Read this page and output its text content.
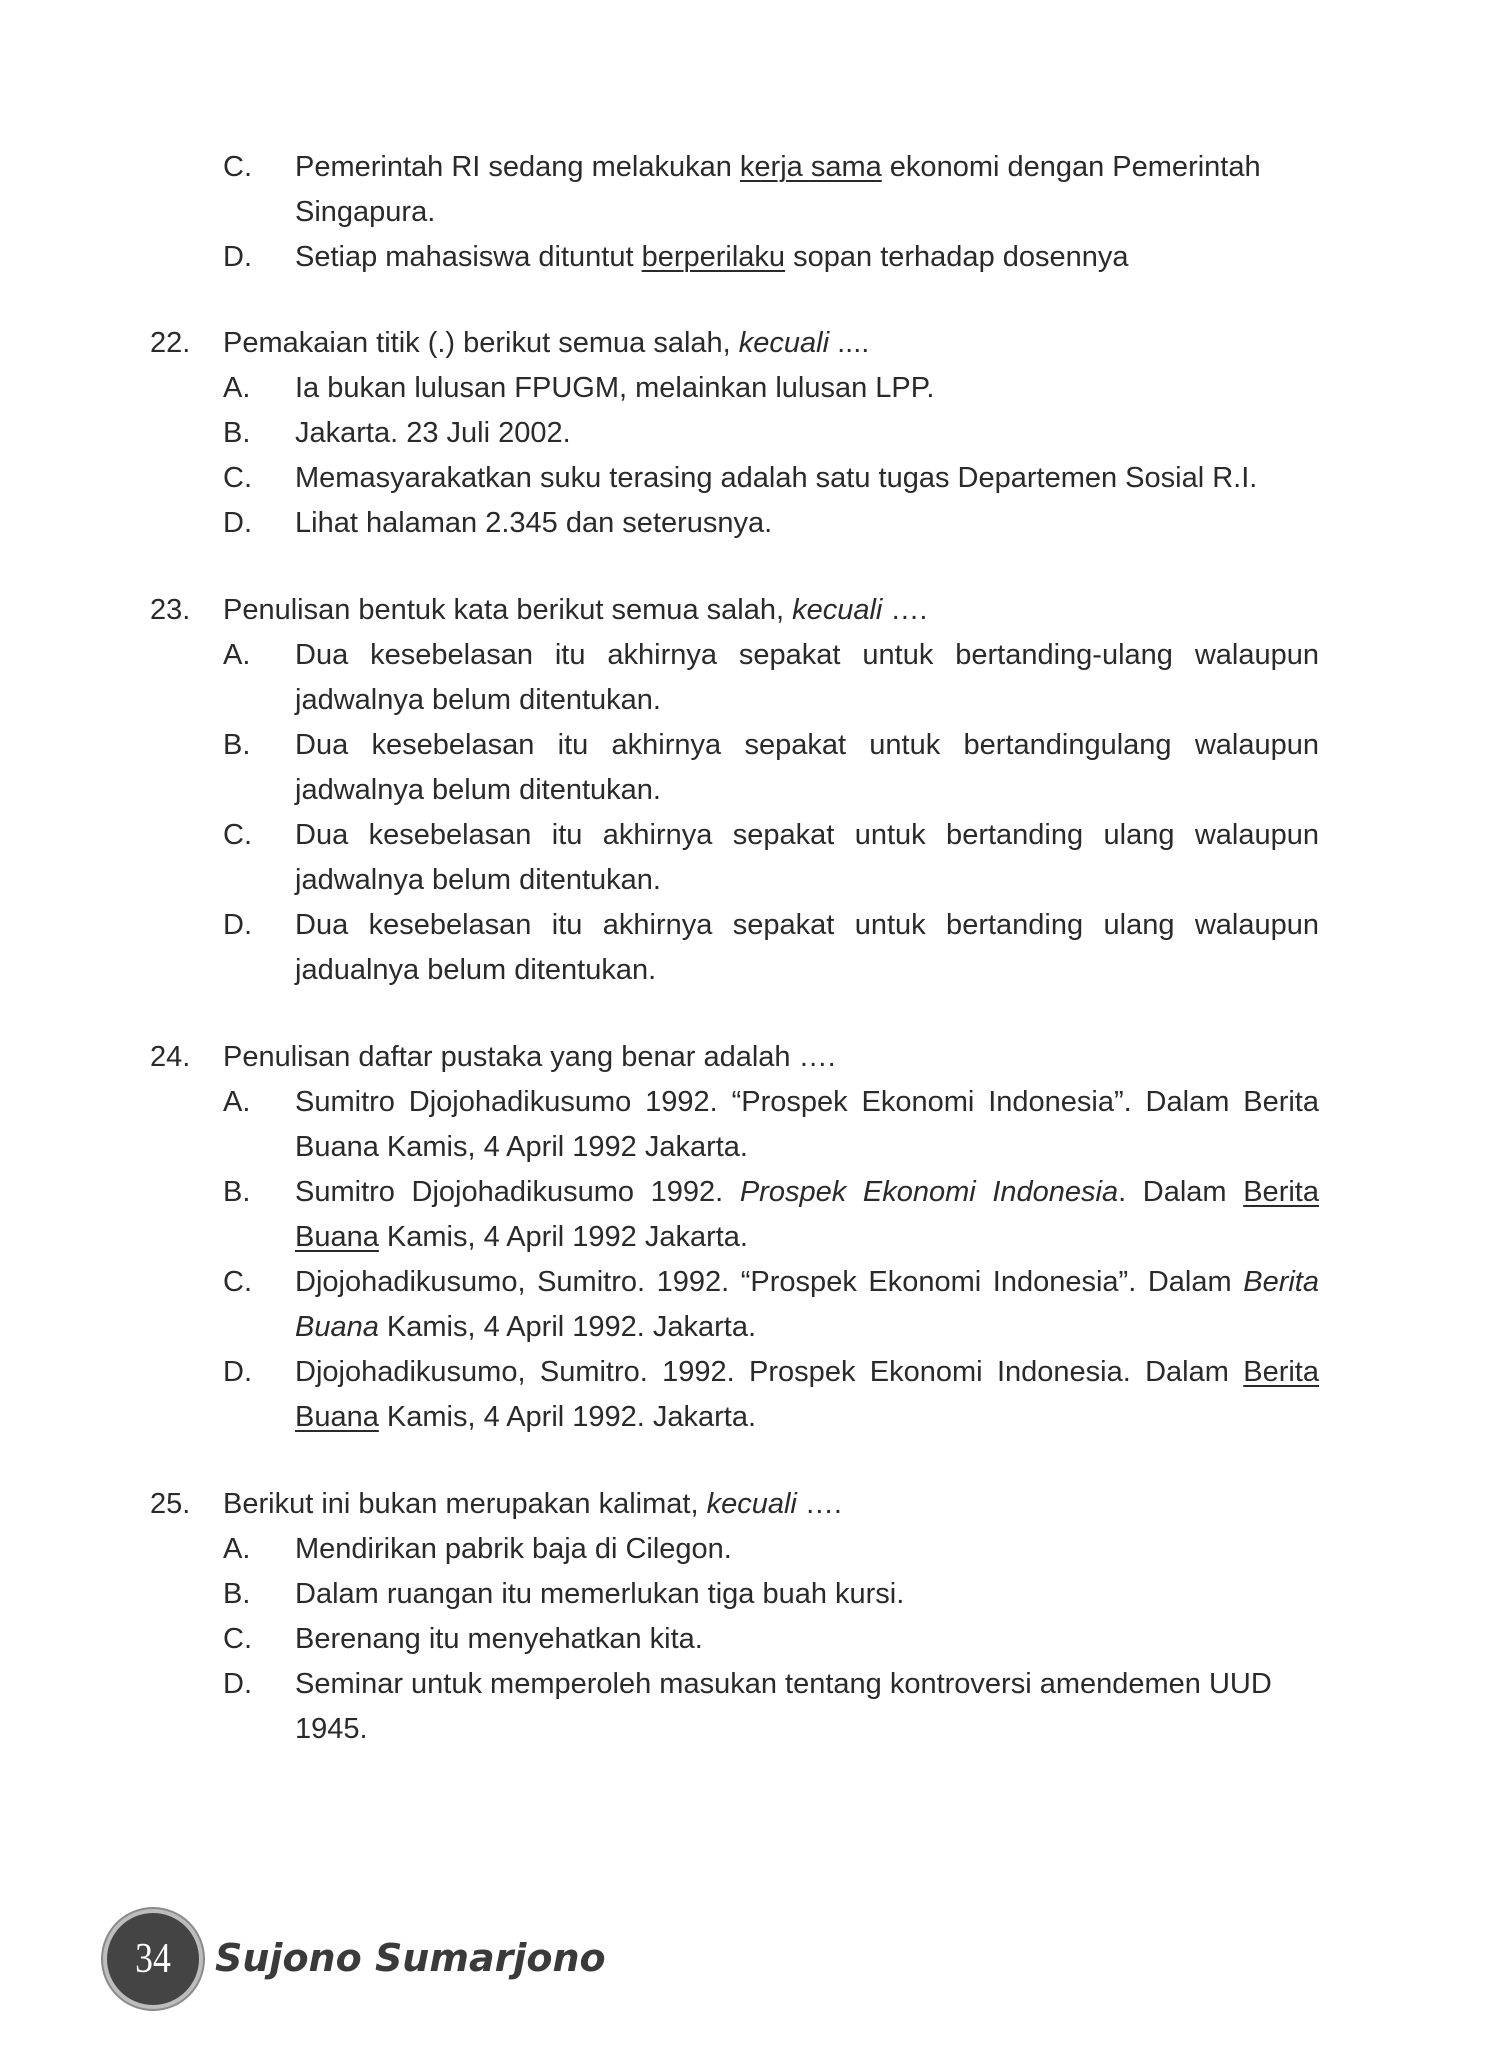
C.	Pemerintah RI sedang melakukan kerja sama ekonomi dengan Pemerintah
Singapura.
D.	Setiap mahasiswa dituntut berperilaku sopan terhadap dosennya
22.	Pemakaian titik (.) berikut semua salah, kecuali ....
A.	Ia bukan lulusan FPUGM, melainkan lulusan LPP.
B.	Jakarta. 23 Juli 2002.
C.	Memasyarakatkan suku terasing adalah satu tugas Departemen Sosial R.I.
D.	Lihat halaman 2.345 dan seterusnya.
23.	Penulisan bentuk kata berikut semua salah, kecuali ….
A.	Dua kesebelasan itu akhirnya sepakat untuk bertanding-ulang walaupun jadwalnya belum ditentukan.
B.	Dua kesebelasan itu akhirnya sepakat untuk bertandingulang walaupun jadwalnya belum ditentukan.
C.	Dua kesebelasan itu akhirnya sepakat untuk bertanding ulang walaupun jadwalnya belum ditentukan.
D.	Dua kesebelasan itu akhirnya sepakat untuk bertanding ulang walaupun jadualnya belum ditentukan.
24.	Penulisan daftar pustaka yang benar adalah ….
A.	Sumitro Djojohadikusumo 1992. “Prospek Ekonomi Indonesia”. Dalam Berita Buana Kamis, 4 April 1992 Jakarta.
B.	Sumitro Djojohadikusumo 1992. Prospek Ekonomi Indonesia. Dalam Berita Buana Kamis, 4 April 1992 Jakarta.
C.	Djojohadikusumo, Sumitro. 1992. “Prospek Ekonomi Indonesia”. Dalam Berita Buana Kamis, 4 April 1992. Jakarta.
D.	Djojohadikusumo, Sumitro. 1992. Prospek Ekonomi Indonesia. Dalam Berita Buana Kamis, 4 April 1992. Jakarta.
25.	Berikut ini bukan merupakan kalimat, kecuali ….
A.	Mendirikan pabrik baja di Cilegon.
B.	Dalam ruangan itu memerlukan tiga buah kursi.
C.	Berenang itu menyehatkan kita.
D.	Seminar untuk memperoleh masukan tentang kontroversi amendemen UUD 1945.
34 Sujono Sumarjono
